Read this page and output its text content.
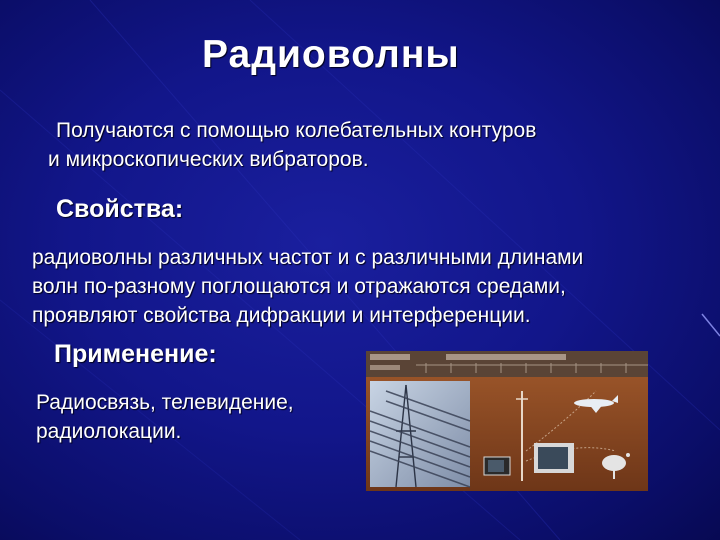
Радиоволны
Получаются с помощью колебательных контуров
и микроскопических вибраторов.
Свойства:
радиоволны различных частот и с различными длинами
волн по-разному поглощаются и отражаются средами,
проявляют свойства дифракции и интерференции.
Применение:
Радиосвязь, телевидение,
радиолокации.
